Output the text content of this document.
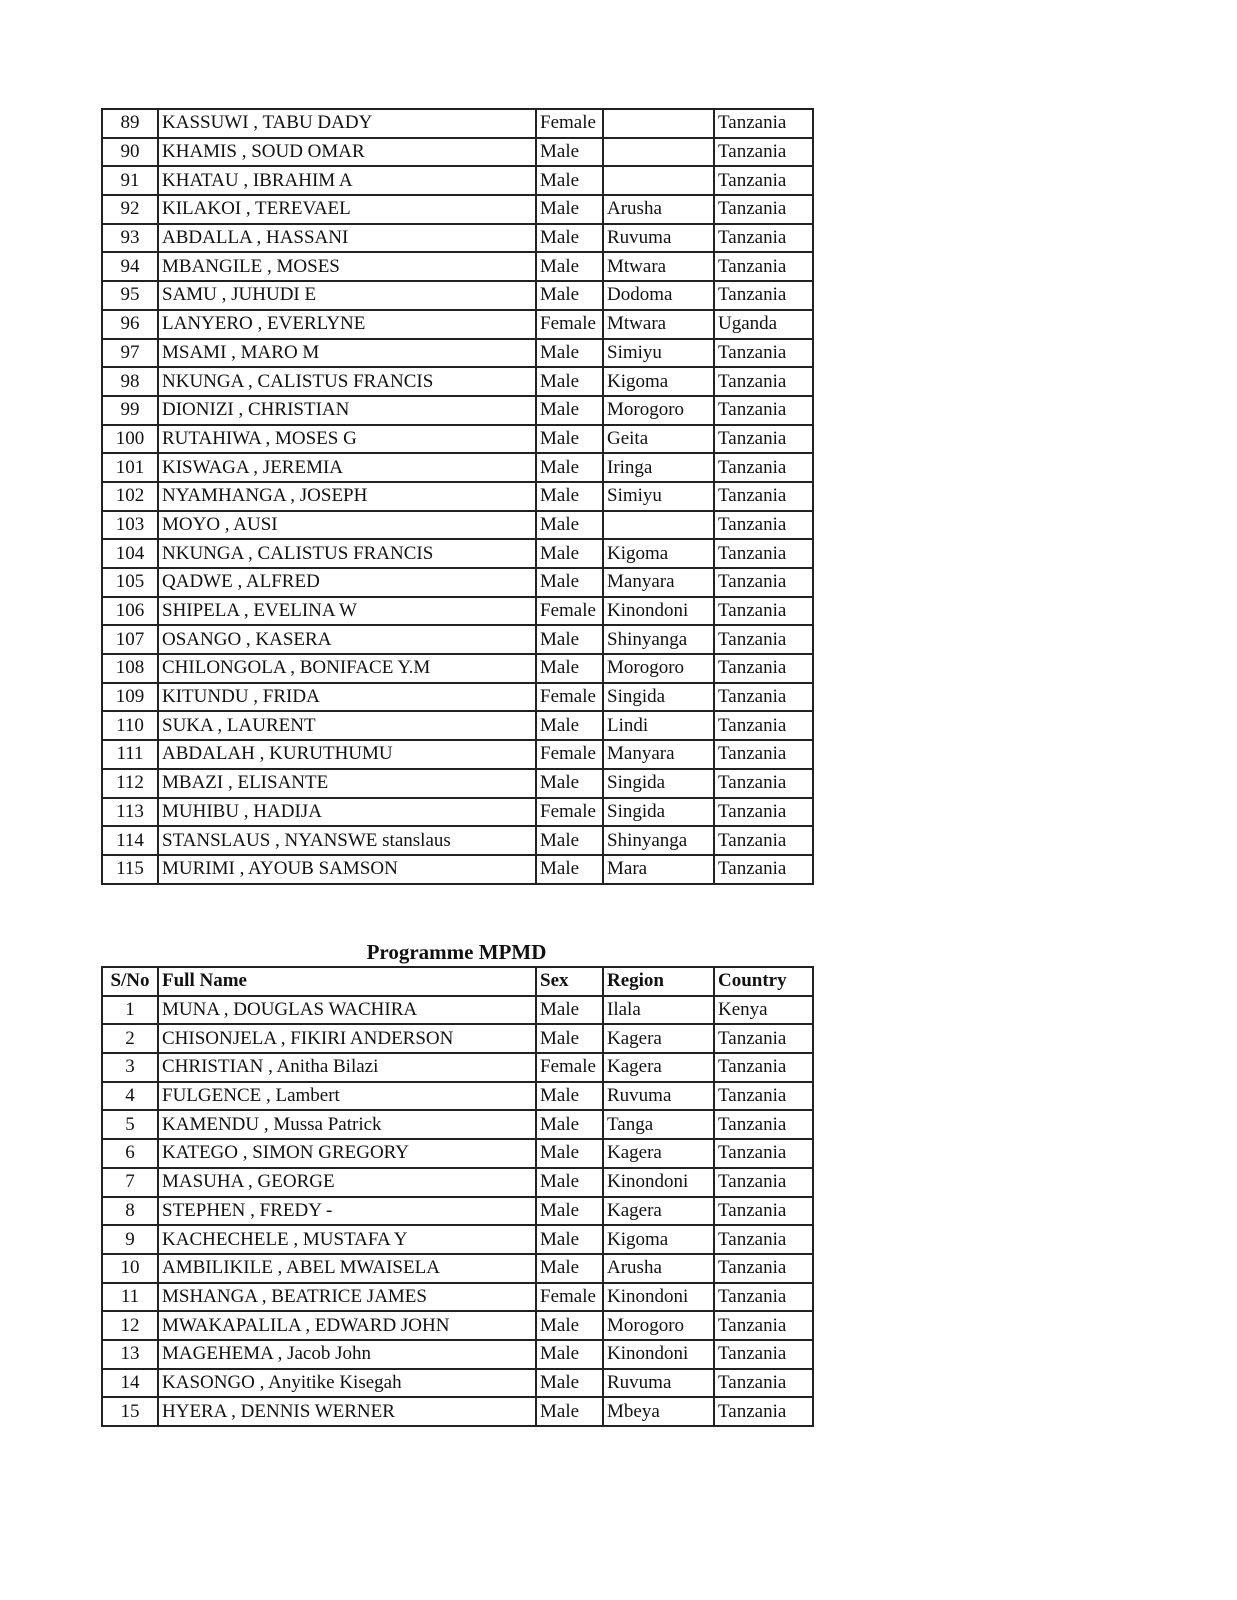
89	KASSUWI , TABU DADY	Female		Tanzania
90	KHAMIS , SOUD OMAR	Male		Tanzania
91	KHATAU , IBRAHIM A	Male		Tanzania
92	KILAKOI , TEREVAEL	Male	Arusha	Tanzania
93	ABDALLA , HASSANI	Male	Ruvuma	Tanzania
94	MBANGILE , MOSES	Male	Mtwara	Tanzania
95	SAMU , JUHUDI E	Male	Dodoma	Tanzania
96	LANYERO , EVERLYNE	Female	Mtwara	Uganda
97	MSAMI , MARO M	Male	Simiyu	Tanzania
98	NKUNGA , CALISTUS FRANCIS	Male	Kigoma	Tanzania
99	DIONIZI , CHRISTIAN	Male	Morogoro	Tanzania
100	RUTAHIWA , MOSES G	Male	Geita	Tanzania
101	KISWAGA , JEREMIA	Male	Iringa	Tanzania
102	NYAMHANGA , JOSEPH	Male	Simiyu	Tanzania
103	MOYO , AUSI	Male		Tanzania
104	NKUNGA , CALISTUS FRANCIS	Male	Kigoma	Tanzania
105	QADWE , ALFRED	Male	Manyara	Tanzania
106	SHIPELA , EVELINA W	Female	Kinondoni	Tanzania
107	OSANGO , KASERA	Male	Shinyanga	Tanzania
108	CHILONGOLA , BONIFACE Y.M	Male	Morogoro	Tanzania
109	KITUNDU , FRIDA	Female	Singida	Tanzania
110	SUKA , LAURENT	Male	Lindi	Tanzania
111	ABDALAH , KURUTHUMU	Female	Manyara	Tanzania
112	MBAZI , ELISANTE	Male	Singida	Tanzania
113	MUHIBU , HADIJA	Female	Singida	Tanzania
114	STANSLAUS , NYANSWE stanslaus	Male	Shinyanga	Tanzania
115	MURIMI , AYOUB SAMSON	Male	Mara	Tanzania
Programme MPMD
S/No	Full Name	Sex	Region	Country
1	MUNA , DOUGLAS WACHIRA	Male	Ilala	Kenya
2	CHISONJELA , FIKIRI ANDERSON	Male	Kagera	Tanzania
3	CHRISTIAN , Anitha Bilazi	Female	Kagera	Tanzania
4	FULGENCE , Lambert	Male	Ruvuma	Tanzania
5	KAMENDU , Mussa Patrick	Male	Tanga	Tanzania
6	KATEGO , SIMON GREGORY	Male	Kagera	Tanzania
7	MASUHA , GEORGE	Male	Kinondoni	Tanzania
8	STEPHEN , FREDY -	Male	Kagera	Tanzania
9	KACHECHELE , MUSTAFA Y	Male	Kigoma	Tanzania
10	AMBILIKILE , ABEL MWAISELA	Male	Arusha	Tanzania
11	MSHANGA , BEATRICE JAMES	Female	Kinondoni	Tanzania
12	MWAKAPALILA , EDWARD JOHN	Male	Morogoro	Tanzania
13	MAGEHEMA , Jacob John	Male	Kinondoni	Tanzania
14	KASONGO , Anyitike Kisegah	Male	Ruvuma	Tanzania
15	HYERA , DENNIS WERNER	Male	Mbeya	Tanzania
